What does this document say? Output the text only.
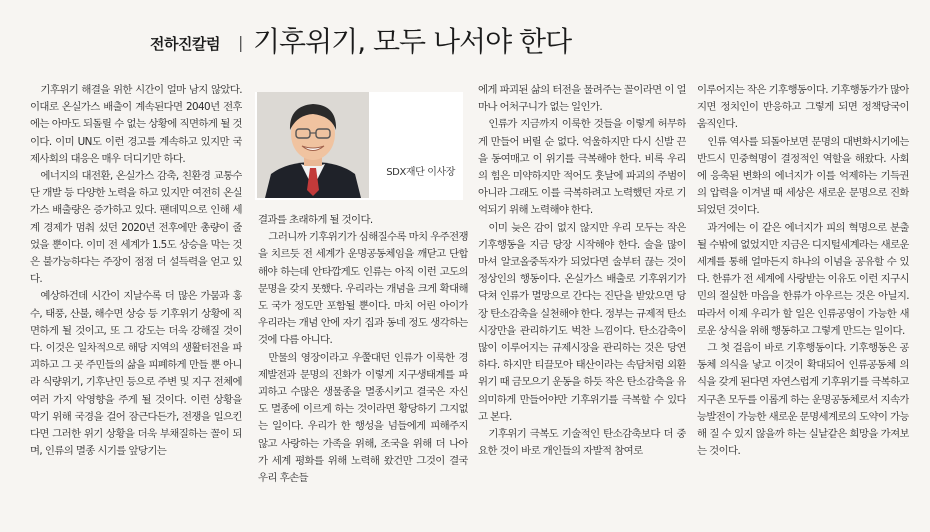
전하진칼럼 | 기후위기, 모두 나서야 한다

기후위기 해결을 위한 시간이 얼마 남지 않았다. 이대로 온실가스 배출이 계속된다면 2040년 전후에는 아마도 되돌릴 수 없는 상황에 직면하게 될 것이다. 이미 UN도 이런 경고를 계속하고 있지만 국제사회의 대응은 매우 더디기만 하다.

에너지의 대전환, 온실가스 감축, 친환경 교통수단 개발 등 다양한 노력을 하고 있지만 여전히 온실가스 배출량은 증가하고 있다. 팬데믹으로 인해 세계 경제가 멈춰 섰던 2020년 전후에만 총량이 줄었을 뿐이다. 이미 전 세계가 1.5도 상승을 막는 것은 불가능하다는 주장이 점점 더 설득력을 얻고 있다.

예상하건데 시간이 지날수록 더 많은 가뭄과 홍수, 태풍, 산불, 해수면 상승 등 기후위기 상황에 직면하게 될 것이고, 또 그 강도는 더욱 강해질 것이다. 이것은 일차적으로 해당 지역의 생활터전을 파괴하고 그 곳 주민들의 삶을 피폐하게 만들 뿐 아니라 식량위기, 기후난민 등으로 주변 및 지구 전체에 여러 가지 악영향을 주게 될 것이다. 이런 상황을 막기 위해 국경을 걸어 잠근다든가, 전쟁을 일으킨다면 그러한 위기 상황을 더욱 부채질하는 꼴이 되며, 인류의 멸종 시기를 앞당기는

SDX재단 이사장

결과를 초래하게 될 것이다.

그러니까 기후위기가 심해질수록 마치 우주전쟁을 치르듯 전 세계가 운명공동체임을 깨닫고 단합해야 하는데 안타깝게도 인류는 아직 이런 고도의 문명을 갖지 못했다. 우리라는 개념을 크게 확대해도 국가 정도만 포함될 뿐이다. 마치 어린 아이가 우리라는 개념 안에 자기 집과 동네 정도 생각하는 것에 다름 아니다.

만물의 영장이라고 우쭐대던 인류가 이룩한 경제발전과 문명의 진화가 이렇게 지구생태계를 파괴하고 수많은 생물종을 멸종시키고 결국은 자신도 멸종에 이르게 하는 것이라면 황당하기 그지없는 일이다. 우리가 한 행성을 넘들에게 피해주지 않고 사랑하는 가족을 위해, 조국을 위해 더 나아가 세계 평화를 위해 노력해 왔건만 그것이 결국 우리 후손들

에게 파괴된 삶의 터전을 물려주는 꼴이라면 이 얼마나 어처구니가 없는 일인가.

인류가 지금까지 이룩한 것들을 이렇게 허무하게 만들어 버릴 순 없다. 억울하지만 다시 신발 끈을 동여매고 이 위기를 극복해야 한다. 비록 우리의 힘은 미약하지만 적어도 훗날에 파괴의 주범이 아니라 그래도 이를 극복하려고 노력했던 자로 기억되기 위해 노력해야 한다.

이미 늦은 감이 없지 않지만 우리 모두는 작은 기후행동을 지금 당장 시작해야 한다. 술을 많이 마셔 알코올중독자가 되었다면 술부터 끊는 것이 정상인의 행동이다. 온실가스 배출로 기후위기가 닥쳐 인류가 멸망으로 간다는 진단을 받았으면 당장 탄소감축을 실천해야 한다. 정부는 규제적 탄소시장만을 관리하기도 벅찬 느낌이다. 탄소감축이 많이 이루어지는 규제시장을 관리하는 것은 당연하다. 하지만 티끌모아 태산이라는 속담처럼 외환위기 때 금모으기 운동을 하듯 작은 탄소감축을 유의미하게 만들어야만 기후위기를 극복할 수 있다고 본다.

기후위기 극복도 기술적인 탄소감축보다 더 중요한 것이 바로 개인들의 자발적 참여로

이루어지는 작은 기후행동이다. 기후행동가가 많아지면 정치인이 반응하고 그렇게 되면 정책당국이 움직인다.

인류 역사를 되돌아보면 문명의 대변화시기에는 반드시 민중혁명이 결정적인 역할을 해왔다. 사회에 응축된 변화의 에너지가 이를 억제하는 기득권의 압력을 이겨낼 때 세상은 새로운 문명으로 진화되었던 것이다.

과거에는 이 같은 에너지가 피의 혁명으로 분출될 수밖에 없었지만 지금은 디지털세계라는 새로운 세계를 통해 얼마든지 하나의 이념을 공유할 수 있다. 한류가 전 세계에 사랑받는 이유도 이런 지구시민의 절실한 마음을 한류가 아우르는 것은 아닐지. 따라서 이제 우리가 할 일은 인류공영이 가능한 새로운 상식을 위해 행동하고 그렇게 만드는 일이다.

그 첫 걸음이 바로 기후행동이다. 기후행동은 공동체 의식을 낳고 이것이 확대되어 인류공동체 의식을 갖게 된다면 자연스럽게 기후위기를 극복하고 지구촌 모두를 이롭게 하는 운명공동체로서 지속가능발전이 가능한 새로운 문명세계로의 도약이 가능해 질 수 있지 않을까 하는 실낱같은 희망을 가져보는 것이다.
